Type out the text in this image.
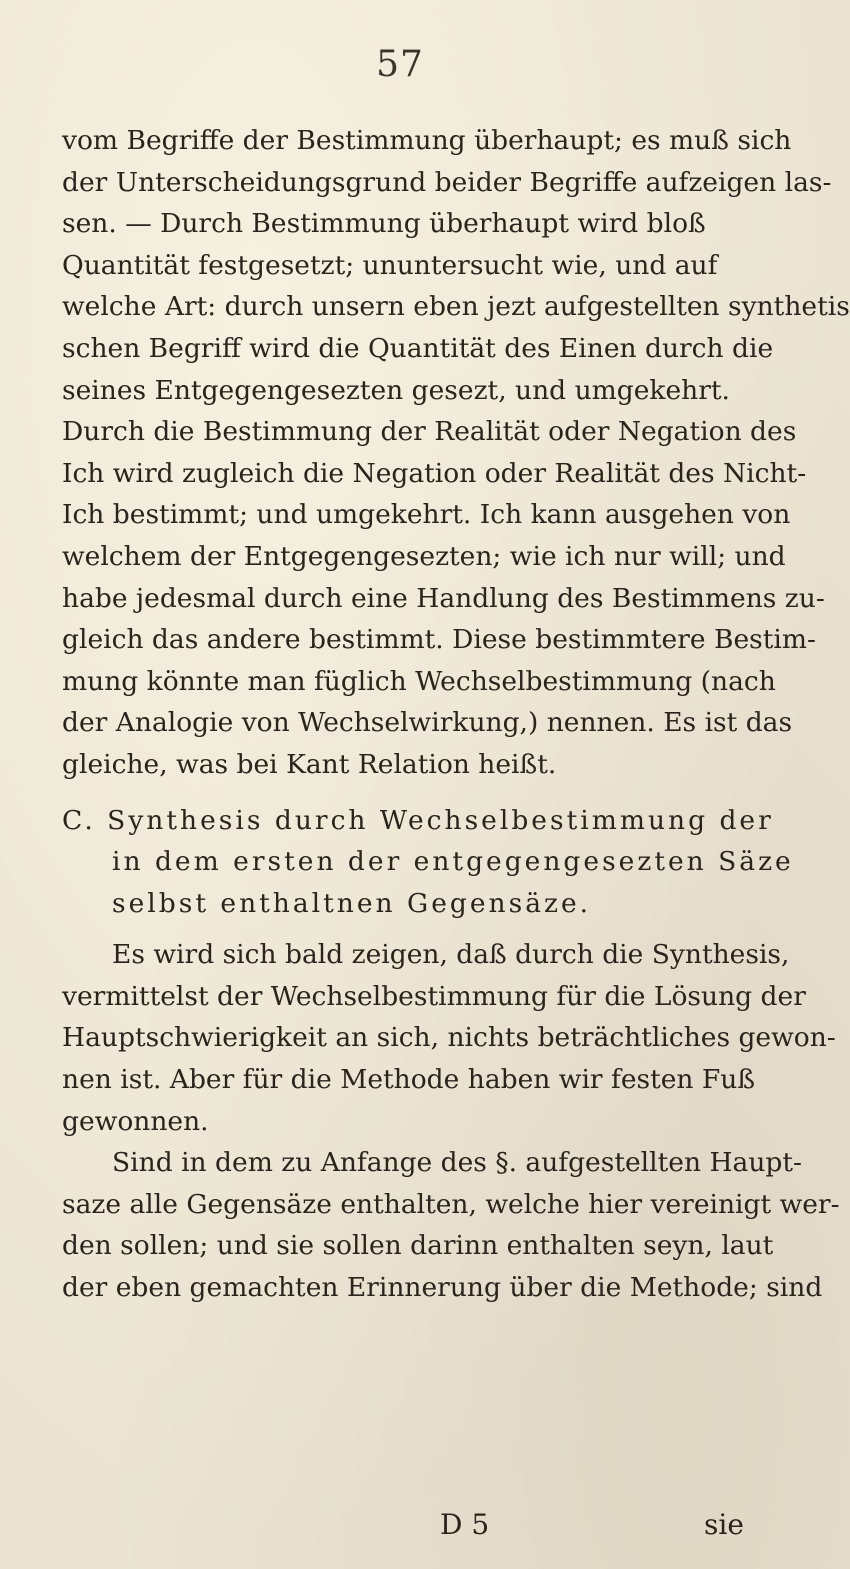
57

vom Begriffe der Bestimmung überhaupt; es muß sich
der Unterscheidungsgrund beider Begriffe aufzeigen las-
sen. — Durch Bestimmung überhaupt wird bloß
Quantität festgesetzt; ununtersucht wie, und auf
welche Art: durch unsern eben jezt aufgestellten synthetis
schen Begriff wird die Quantität des Einen durch die
seines Entgegengesezten gesezt, und umgekehrt.
Durch die Bestimmung der Realität oder Negation des
Ich wird zugleich die Negation oder Realität des Nicht-
Ich bestimmt; und umgekehrt. Ich kann ausgehen von
welchem der Entgegengesezten; wie ich nur will; und
habe jedesmal durch eine Handlung des Bestimmens zu-
gleich das andere bestimmt. Diese bestimmtere Bestim-
mung könnte man füglich Wechselbestimmung (nach
der Analogie von Wechselwirkung,) nennen. Es ist das
gleiche, was bei Kant Relation heißt.

C. Synthesis durch Wechselbestimmung der
in dem ersten der entgegengesezten Säze
selbst enthaltnen Gegensäze.

Es wird sich bald zeigen, daß durch die Synthesis,
vermittelst der Wechselbestimmung für die Lösung der
Hauptschwierigkeit an sich, nichts beträchtliches gewon-
nen ist. Aber für die Methode haben wir festen Fuß
gewonnen.

Sind in dem zu Anfange des §. aufgestellten Haupt-
saze alle Gegensäze enthalten, welche hier vereinigt wer-
den sollen; und sie sollen darinn enthalten seyn, laut
der eben gemachten Erinnerung über die Methode; sind

D 5	sie
